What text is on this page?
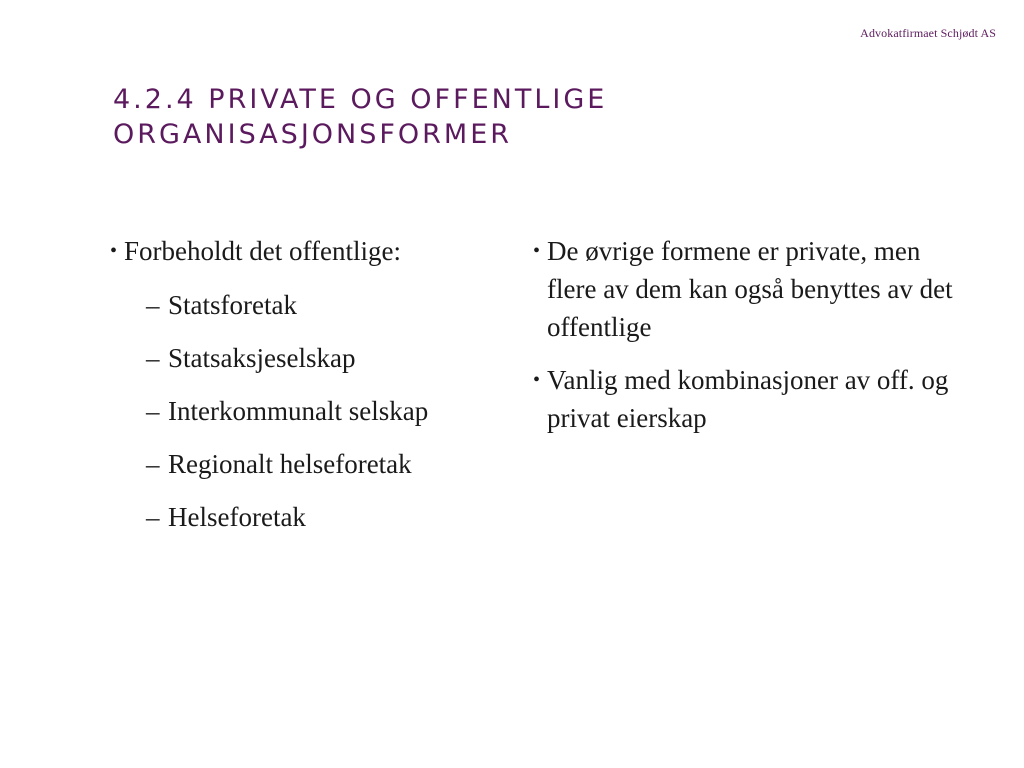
Advokatfirmaet Schjødt AS
4.2.4 PRIVATE OG OFFENTLIGE
ORGANISASJONSFORMER
• Forbeholdt det offentlige:
– Statsforetak
– Statsaksjeselskap
– Interkommunalt selskap
– Regionalt helseforetak
– Helseforetak
• De øvrige formene er private, men flere av dem kan også benyttes av det offentlige
• Vanlig med kombinasjoner av off. og privat eierskap
